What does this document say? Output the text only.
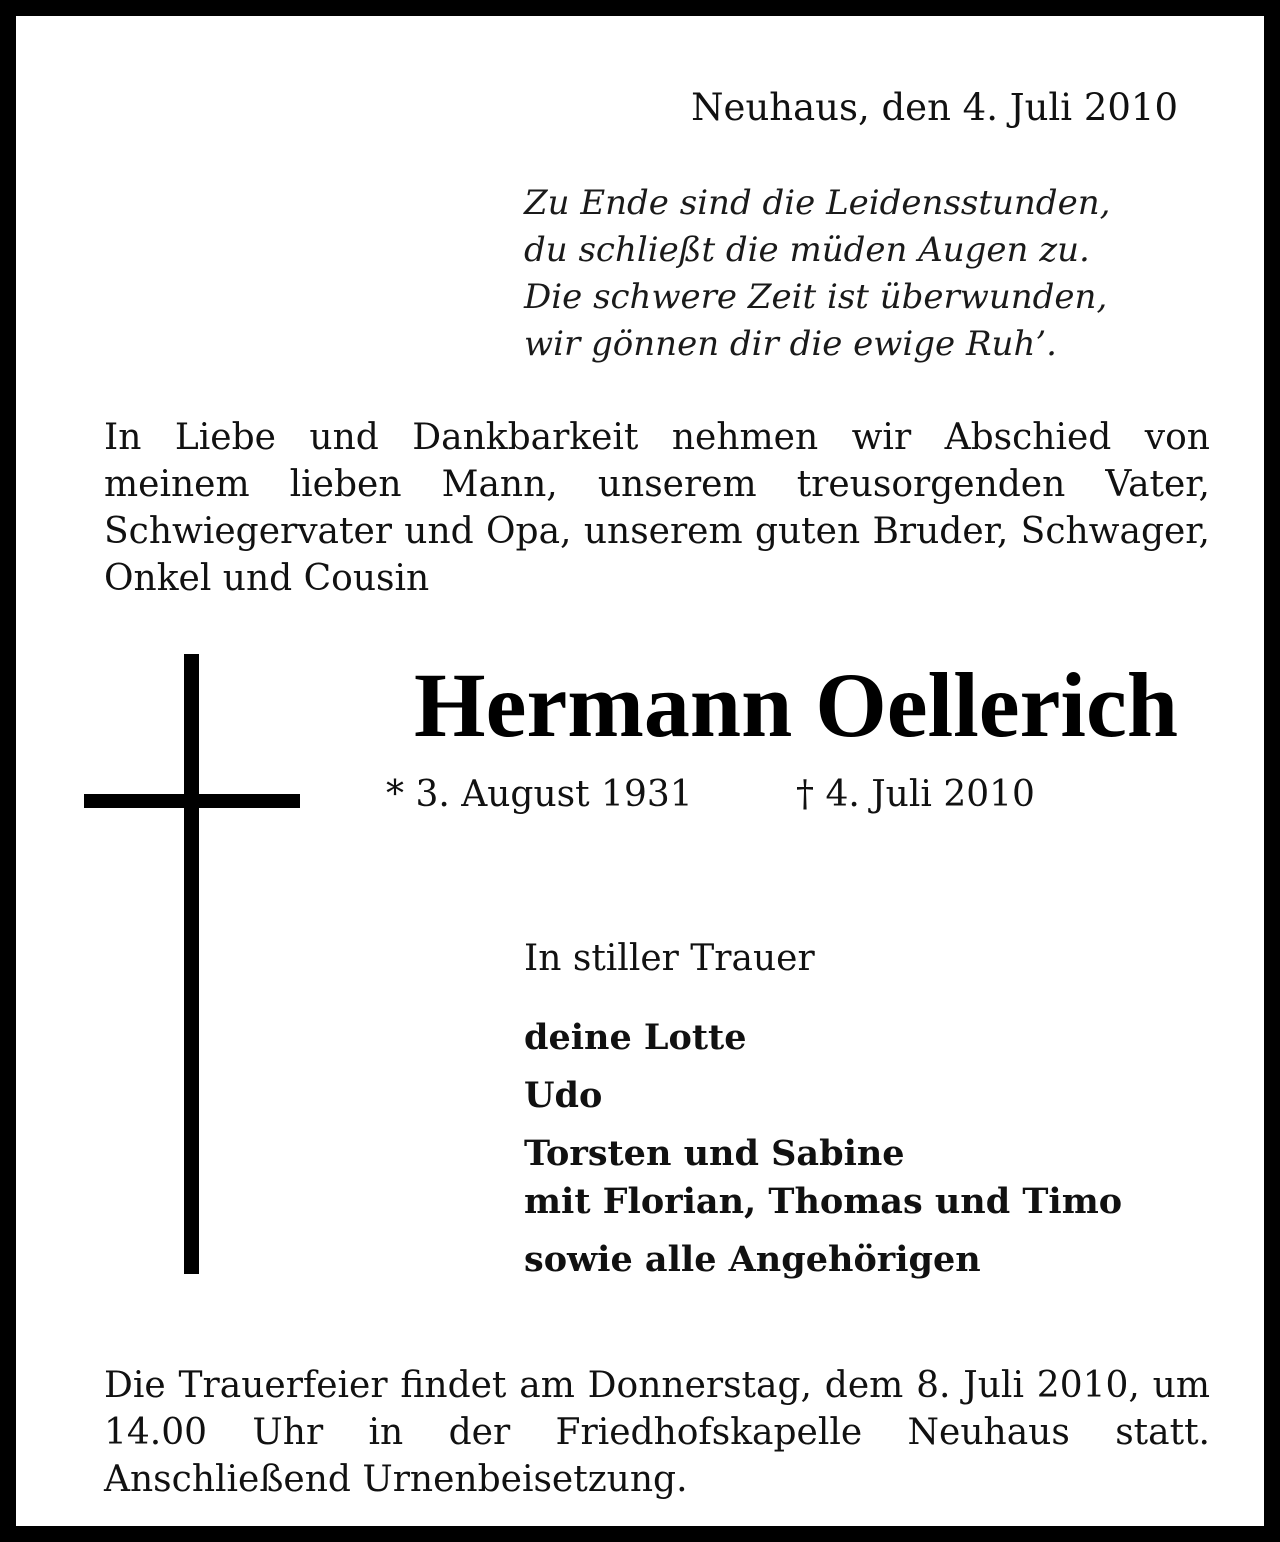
Neuhaus, den 4. Juli 2010
Zu Ende sind die Leidensstunden,
du schließt die müden Augen zu.
Die schwere Zeit ist überwunden,
wir gönnen dir die ewige Ruh’.
In Liebe und Dankbarkeit nehmen wir Abschied von meinem lieben Mann, unserem treusorgenden Vater, Schwiegervater und Opa, unserem guten Bruder, Schwager, Onkel und Cousin
Hermann Oellerich
* 3. August 1931	† 4. Juli 2010
In stiller Trauer
deine Lotte
Udo
Torsten und Sabine
mit Florian, Thomas und Timo
sowie alle Angehörigen
Die Trauerfeier findet am Donnerstag, dem 8. Juli 2010, um 14.00 Uhr in der Friedhofskapelle Neuhaus statt. Anschließend Urnenbeisetzung.
